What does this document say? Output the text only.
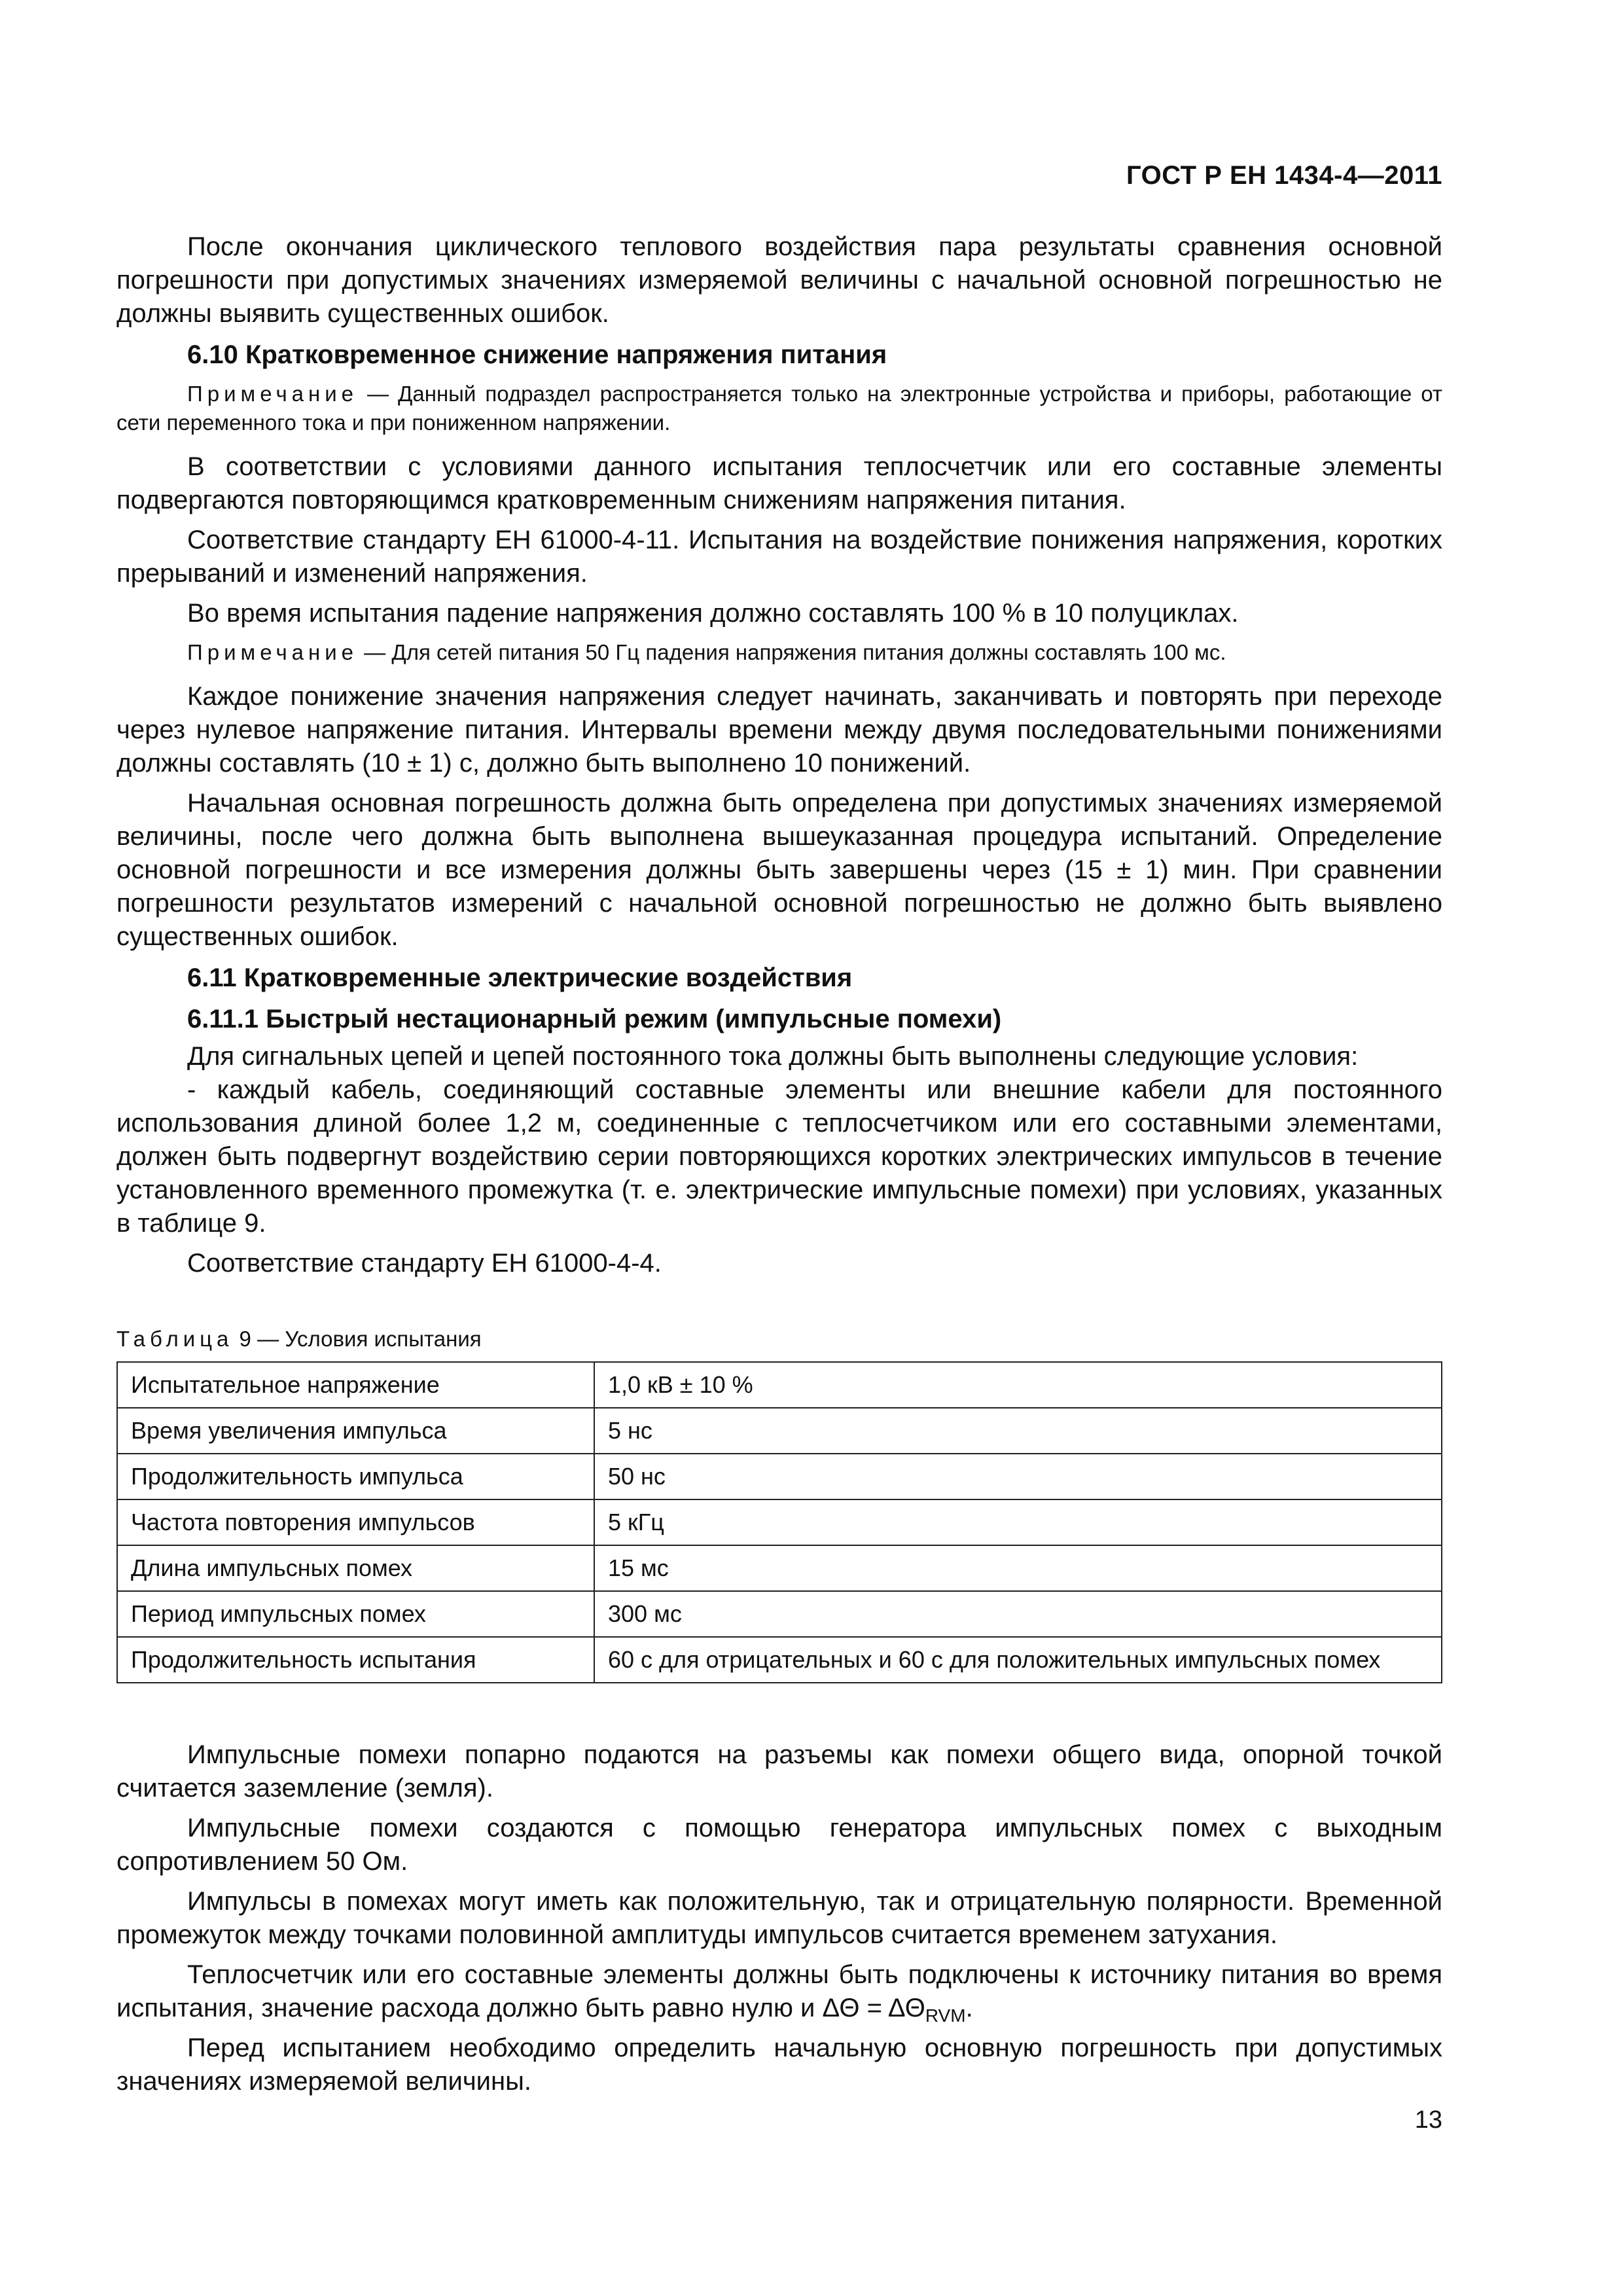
ГОСТ Р ЕН 1434-4—2011

После окончания циклического теплового воздействия пара результаты сравнения основной погрешности при допустимых значениях измеряемой величины с начальной основной погрешностью не должны выявить существенных ошибок.

6.10 Кратковременное снижение напряжения питания
Примечание — Данный подраздел распространяется только на электронные устройства и приборы, работающие от сети переменного тока и при пониженном напряжении.

В соответствии с условиями данного испытания теплосчетчик или его составные элементы подвергаются повторяющимся кратковременным снижениям напряжения питания.

Соответствие стандарту ЕН 61000-4-11. Испытания на воздействие понижения напряжения, коротких прерываний и изменений напряжения.

Во время испытания падение напряжения должно составлять 100 % в 10 полуциклах.

Примечание — Для сетей питания 50 Гц падения напряжения питания должны составлять 100 мс.

Каждое понижение значения напряжения следует начинать, заканчивать и повторять при переходе через нулевое напряжение питания. Интервалы времени между двумя последовательными понижениями должны составлять (10 ± 1) с, должно быть выполнено 10 понижений.

Начальная основная погрешность должна быть определена при допустимых значениях измеряемой величины, после чего должна быть выполнена вышеуказанная процедура испытаний. Определение основной погрешности и все измерения должны быть завершены через (15 ± 1) мин. При сравнении погрешности результатов измерений с начальной основной погрешностью не должно быть выявлено существенных ошибок.

6.11 Кратковременные электрические воздействия
6.11.1 Быстрый нестационарный режим (импульсные помехи)

Для сигнальных цепей и цепей постоянного тока должны быть выполнены следующие условия:

- каждый кабель, соединяющий составные элементы или внешние кабели для постоянного использования длиной более 1,2 м, соединенные с теплосчетчиком или его составными элементами, должен быть подвергнут воздействию серии повторяющихся коротких электрических импульсов в течение установленного временного промежутка (т. е. электрические импульсные помехи) при условиях, указанных в таблице 9.

Соответствие стандарту ЕН 61000-4-4.

Таблица 9 — Условия испытания
Испытательное напряжение	1,0 кВ ± 10 %
Время увеличения импульса	5 нс
Продолжительность импульса	50 нс
Частота повторения импульсов	5 кГц
Длина импульсных помех	15 мс
Период импульсных помех	300 мс
Продолжительность испытания	60 с для отрицательных и 60 с для положительных импульсных помех

Импульсные помехи попарно подаются на разъемы как помехи общего вида, опорной точкой считается заземление (земля).

Импульсные помехи создаются с помощью генератора импульсных помех с выходным сопротивлением 50 Ом.

Импульсы в помехах могут иметь как положительную, так и отрицательную полярности. Временной промежуток между точками половинной амплитуды импульсов считается временем затухания.

Теплосчетчик или его составные элементы должны быть подключены к источнику питания во время испытания, значение расхода должно быть равно нулю и $\Delta\Theta = \Delta\Theta_{RVM}$.

Перед испытанием необходимо определить начальную основную погрешность при допустимых значениях измеряемой величины.

13
